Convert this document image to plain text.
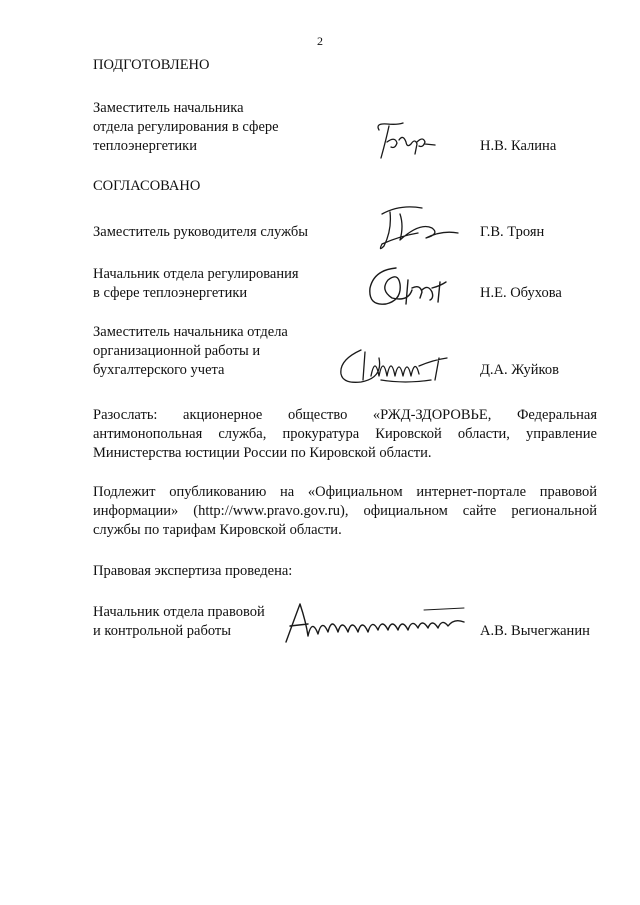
2
ПОДГОТОВЛЕНО
Заместитель начальника
отдела регулирования в сфере
теплоэнергетики	Н.В. Калина
СОГЛАСОВАНО
Заместитель руководителя службы	Г.В. Троян
Начальник отдела регулирования
в сфере теплоэнергетики	Н.Е. Обухова
Заместитель начальника отдела
организационной работы и
бухгалтерского учета	Д.А. Жуйков
Разослать: акционерное общество «РЖД-ЗДОРОВЬЕ, Федеральная антимонопольная служба, прокуратура Кировской области, управление Министерства юстиции России по Кировской области.
Подлежит опубликованию на «Официальном интернет-портале правовой информации» (http://www.pravo.gov.ru), официальном сайте региональной службы по тарифам Кировской области.
Правовая экспертиза проведена:
Начальник отдела правовой
и контрольной работы	А.В. Вычегжанин
